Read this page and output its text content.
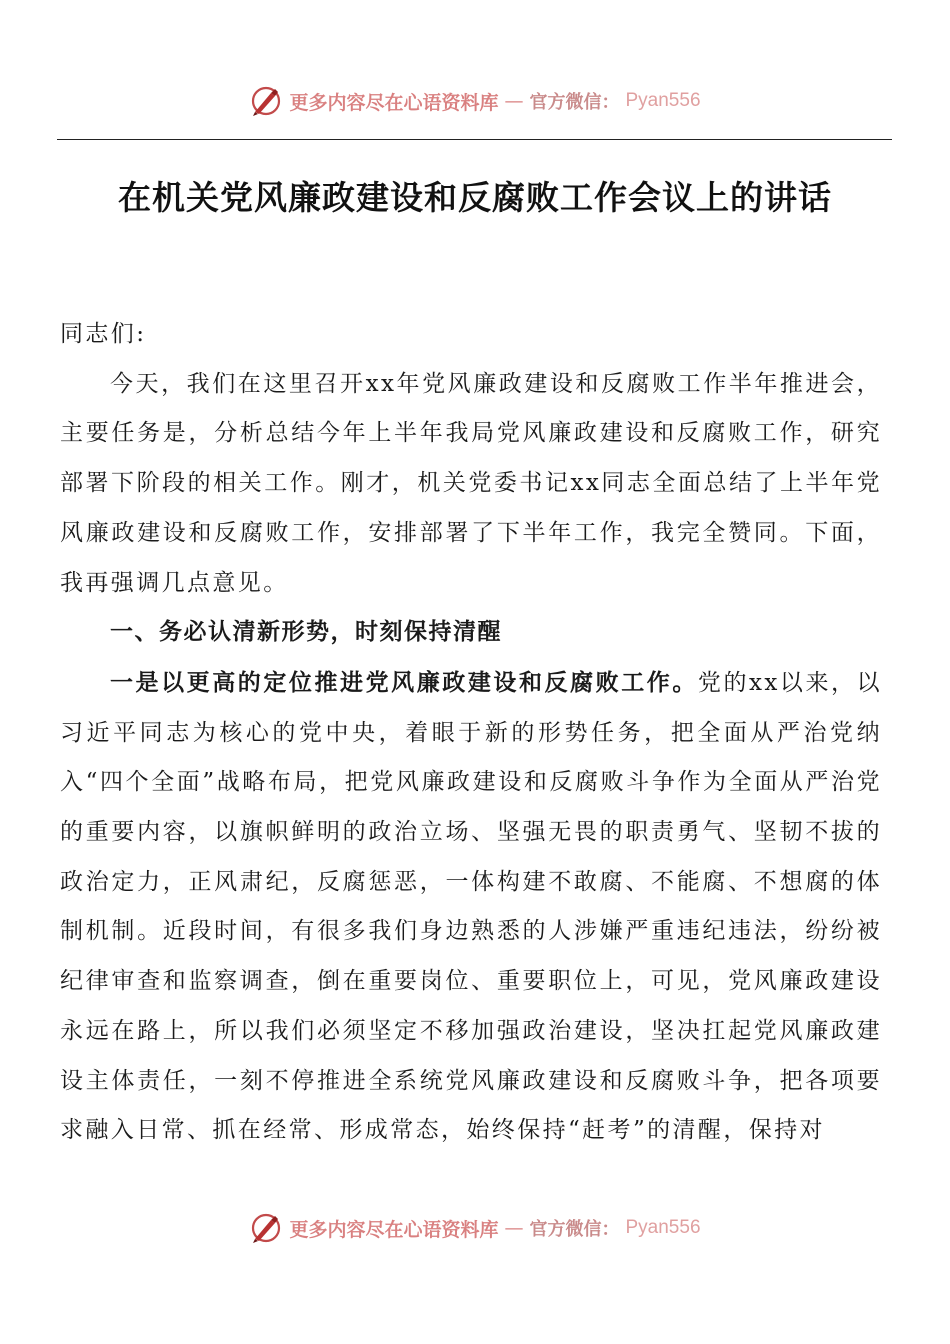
更多内容尽在心语资料库 — 官方微信： Pyan556
在机关党风廉政建设和反腐败工作会议上的讲话

同志们:

今天，我们在这里召开xx年党风廉政建设和反腐败工作半年推进会，主要任务是，分析总结今年上半年我局党风廉政建设和反腐败工作，研究部署下阶段的相关工作。刚才，机关党委书记xx同志全面总结了上半年党风廉政建设和反腐败工作，安排部署了下半年工作，我完全赞同。下面，我再强调几点意见。

一、务必认清新形势，时刻保持清醒

一是以更高的定位推进党风廉政建设和反腐败工作。党的xx以来，以习近平同志为核心的党中央，着眼于新的形势任务，把全面从严治党纳入“四个全面”战略布局，把党风廉政建设和反腐败斗争作为全面从严治党的重要内容，以旗帜鲜明的政治立场、坚强无畏的职责勇气、坚韧不拔的政治定力，正风肃纪，反腐惩恶，一体构建不敢腐、不能腐、不想腐的体制机制。近段时间，有很多我们身边熟悉的人涉嫌严重违纪违法，纷纷被纪律审查和监察调查，倒在重要岗位、重要职位上，可见，党风廉政建设永远在路上，所以我们必须坚定不移加强政治建设，坚决扛起党风廉政建设主体责任，一刻不停推进全系统党风廉政建设和反腐败斗争，把各项要求融入日常、抓在经常、形成常态，始终保持“赶考”的清醒，保持对

更多内容尽在心语资料库 — 官方微信： Pyan556
